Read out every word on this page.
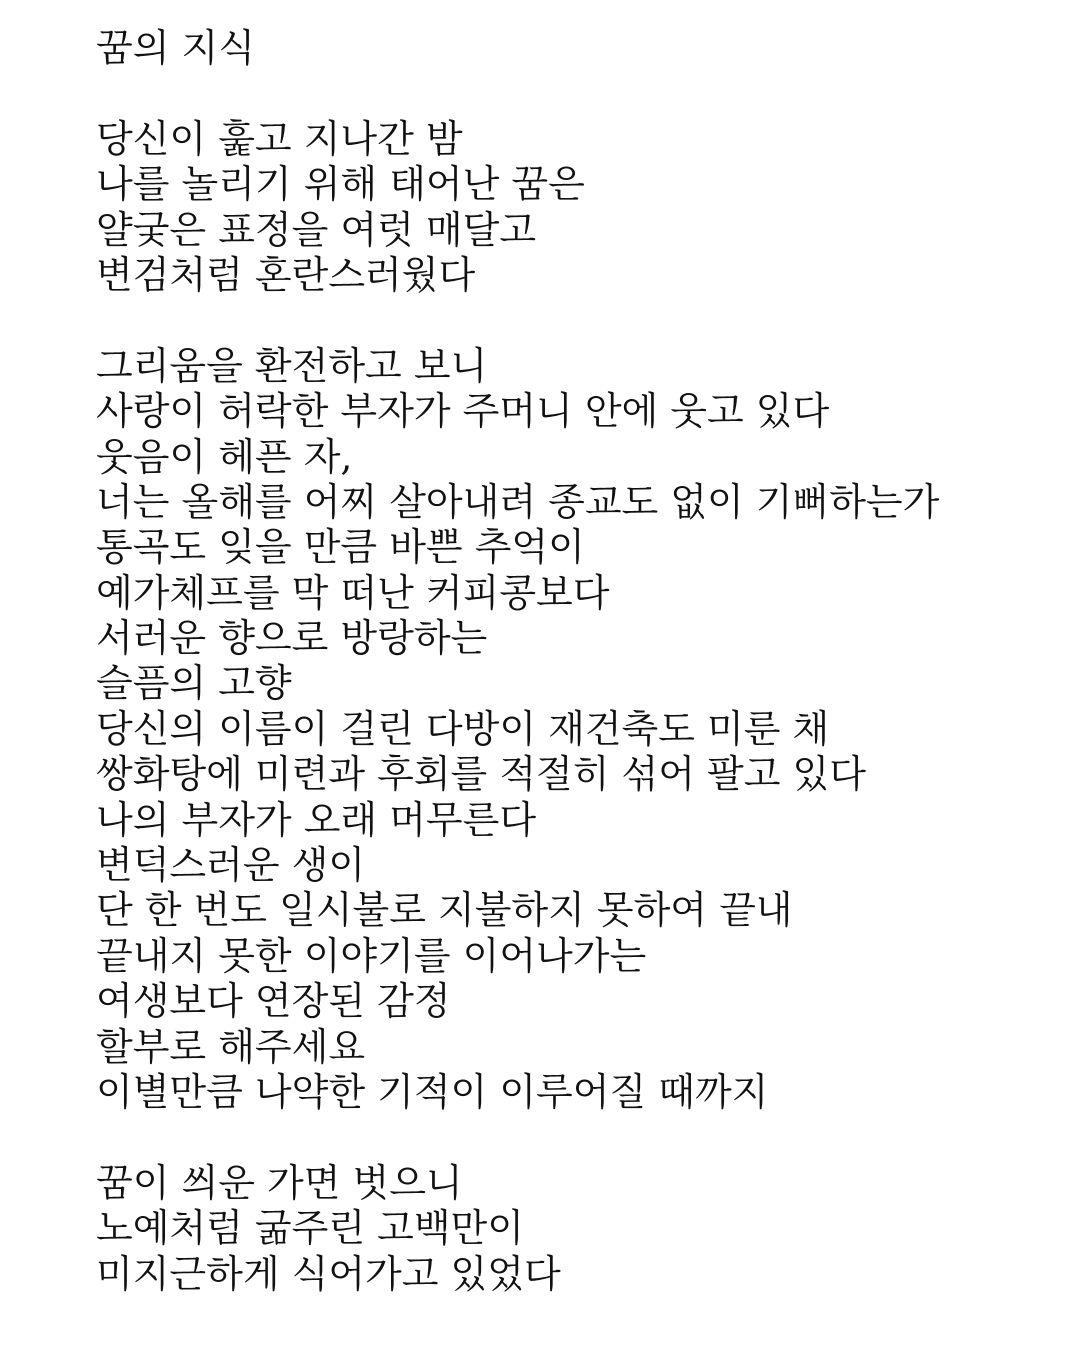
꿈의 지식
당신이 훑고 지나간 밤
나를 놀리기 위해 태어난 꿈은
얄궂은 표정을 여럿 매달고
변검처럼 혼란스러웠다
그리움을 환전하고 보니
사랑이 허락한 부자가 주머니 안에 웃고 있다
웃음이 헤픈 자,
너는 올해를 어찌 살아내려 종교도 없이 기뻐하는가
통곡도 잊을 만큼 바쁜 추억이
예가체프를 막 떠난 커피콩보다
서러운 향으로 방랑하는
슬픔의 고향
당신의 이름이 걸린 다방이 재건축도 미룬 채
쌍화탕에 미련과 후회를 적절히 섞어 팔고 있다
나의 부자가 오래 머무른다
변덕스러운 생이
단 한 번도 일시불로 지불하지 못하여 끝내
끝내지 못한 이야기를 이어나가는
여생보다 연장된 감정
할부로 해주세요
이별만큼 나약한 기적이 이루어질 때까지
꿈이 씌운 가면 벗으니
노예처럼 굶주린 고백만이
미지근하게 식어가고 있었다
